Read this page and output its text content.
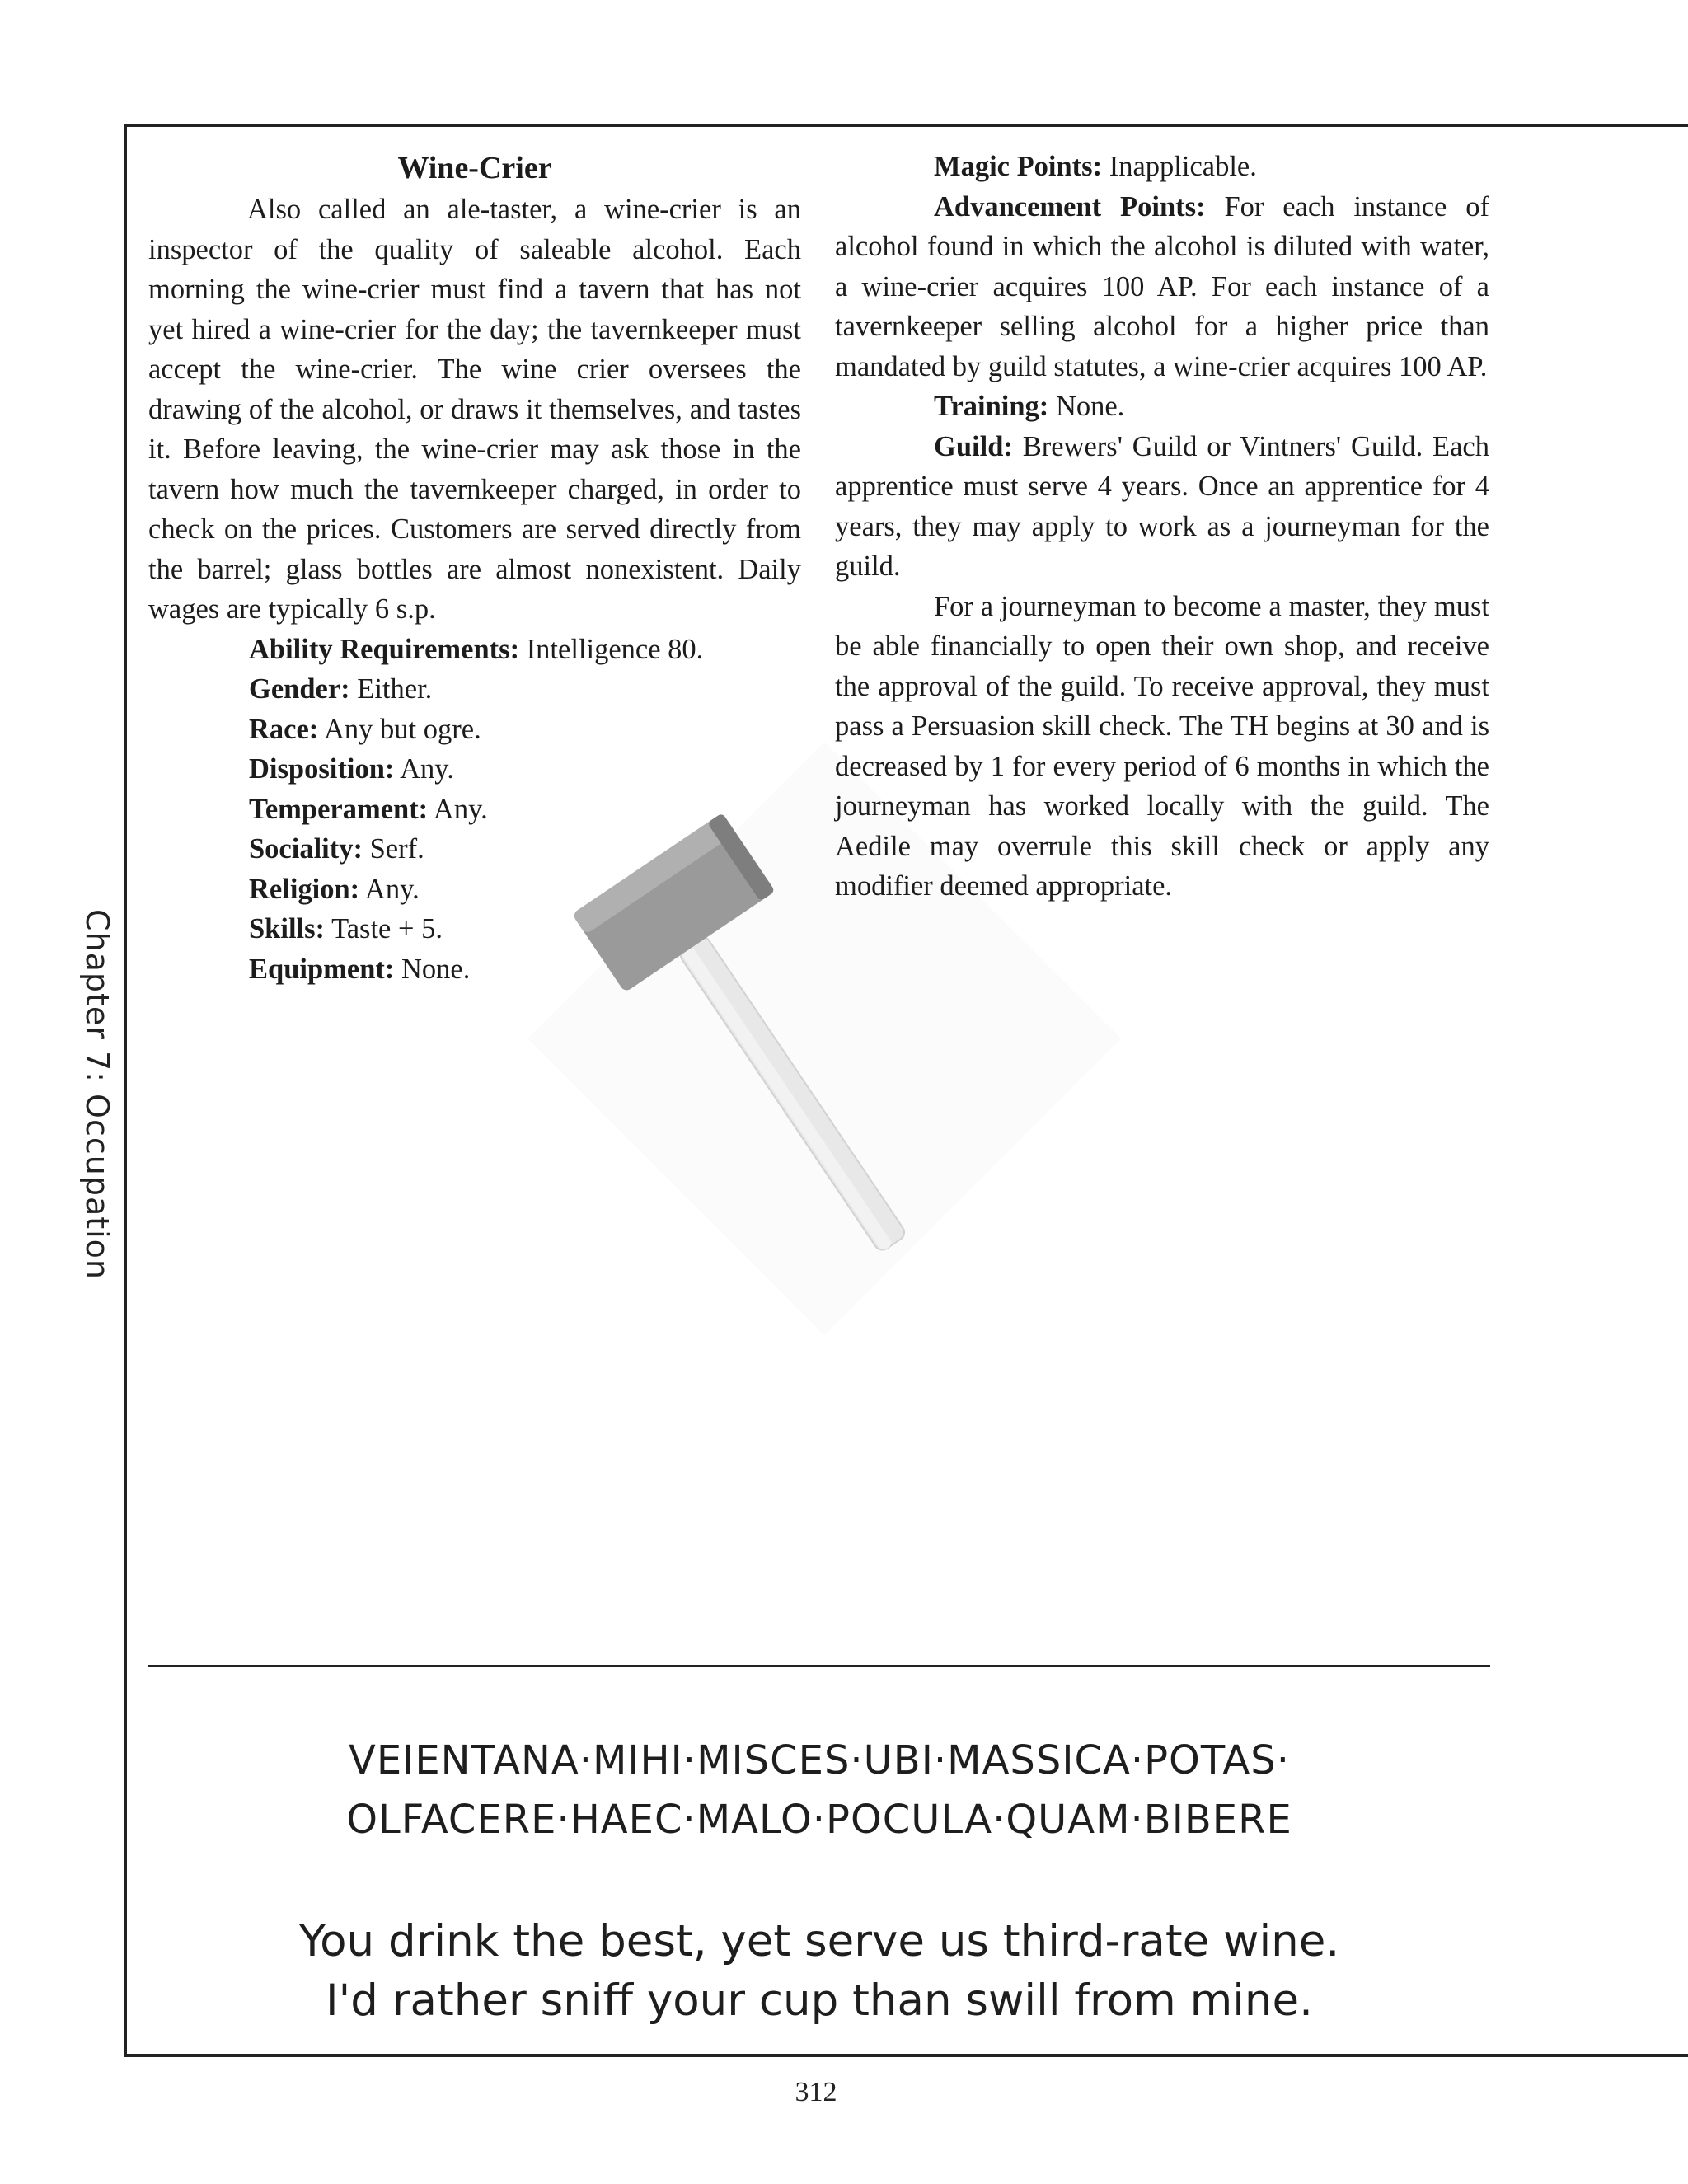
Chapter 7: Occupation

Wine-Crier

Also called an ale-taster, a wine-crier is an inspector of the quality of saleable alcohol. Each morning the wine-crier must find a tavern that has not yet hired a wine-crier for the day; the tavernkeeper must accept the wine-crier. The wine crier oversees the drawing of the alcohol, or draws it themselves, and tastes it. Before leaving, the wine-crier may ask those in the tavern how much the tavernkeeper charged, in order to check on the prices. Customers are served directly from the barrel; glass bottles are almost nonexistent. Daily wages are typically 6 s.p.

Ability Requirements: Intelligence 80.

Gender: Either.

Race: Any but ogre.

Disposition: Any.

Temperament: Any.

Sociality: Serf.

Religion: Any.

Skills: Taste + 5.

Equipment: None.

Magic Points: Inapplicable.

Advancement Points: For each instance of alcohol found in which the alcohol is diluted with water, a wine-crier acquires 100 AP. For each instance of a tavernkeeper selling alcohol for a higher price than mandated by guild statutes, a wine-crier acquires 100 AP.

Training: None.

Guild: Brewers' Guild or Vintners' Guild. Each apprentice must serve 4 years. Once an apprentice for 4 years, they may apply to work as a journeyman for the guild.

For a journeyman to become a master, they must be able financially to open their own shop, and receive the approval of the guild. To receive approval, they must pass a Persuasion skill check. The TH begins at 30 and is decreased by 1 for every period of 6 months in which the journeyman has worked locally with the guild. The Aedile may overrule this skill check or apply any modifier deemed appropriate.

VEIENTANA·MIHI·MISCES·UBI·MASSICA·POTAS·
OLFACERE·HAEC·MALO·POCULA·QUAM·BIBERE
You drink the best, yet serve us third-rate wine.
I'd rather sniff your cup than swill from mine.
312
